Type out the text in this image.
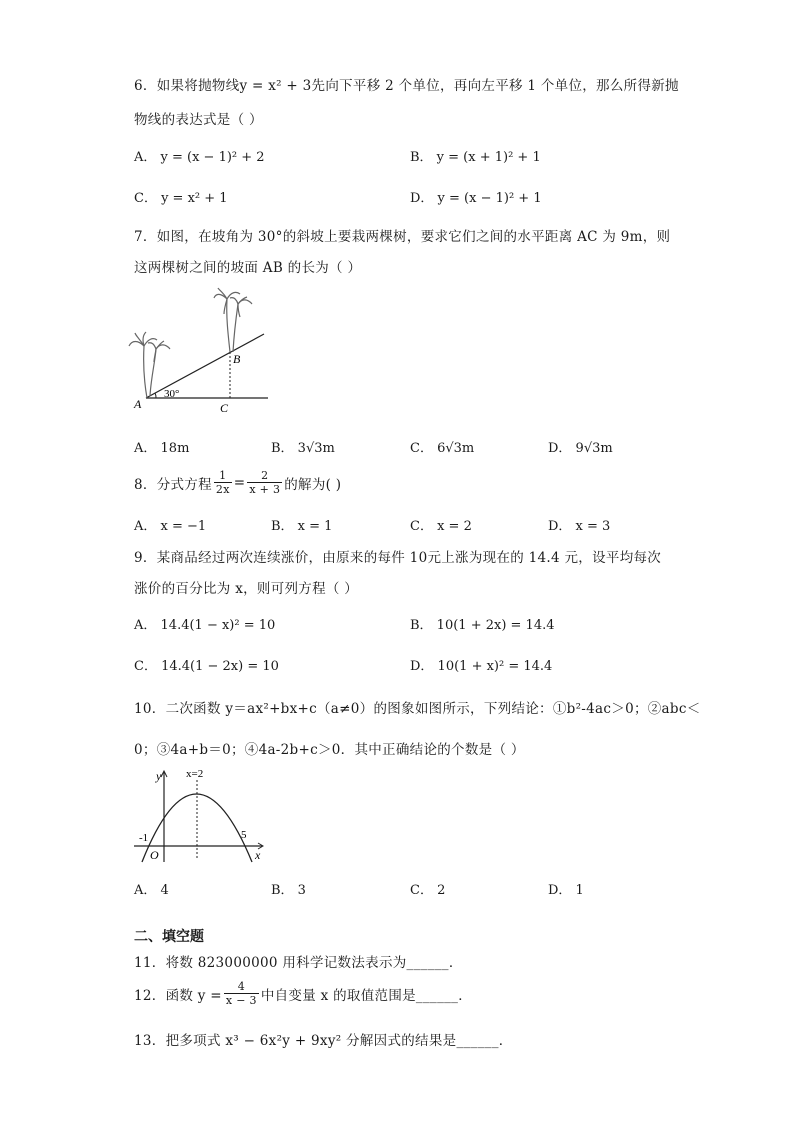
6．如果将抛物线y = x² + 3先向下平移 2 个单位，再向左平移 1 个单位，那么所得新抛
物线的表达式是（ ）
A． y = (x − 1)² + 2	B． y = (x + 1)² + 1
C． y = x² + 1	D． y = (x − 1)² + 1
7．如图，在坡角为 30°的斜坡上要栽两棵树，要求它们之间的水平距离 AC 为 9m，则
这两棵树之间的坡面 AB 的长为（ ）
A
B
C
30°
A． 18m	B． 3√3m	C． 6√3m	D． 9√3m
8．分式方程 $\frac{1}{2x} = \frac{2}{x + 3}$ 的解为( )
A． x = −1	B． x = 1	C． x = 2	D． x = 3
9．某商品经过两次连续涨价，由原来的每件 10元上涨为现在的 14.4 元，设平均每次
涨价的百分比为 x，则可列方程（ ）
A． 14.4(1 − x)² = 10	B． 10(1 + 2x) = 14.4
C． 14.4(1 − 2x) = 10	D． 10(1 + x)² = 14.4
10．二次函数 y＝ax²+bx+c（a≠0）的图象如图所示，下列结论：①b²-4ac＞0；②abc＜
0；③4a+b＝0；④4a-2b+c＞0．其中正确结论的个数是（ ）
y
x
x=2
-1	5
O
A． 4	B． 3	C． 2	D． 1
二、填空题
11．将数 823000000 用科学记数法表示为______．
12．函数 $y = \frac{4}{x - 3}$ 中自变量 x 的取值范围是______．
13．把多项式 x³ − 6x²y + 9xy² 分解因式的结果是______．
